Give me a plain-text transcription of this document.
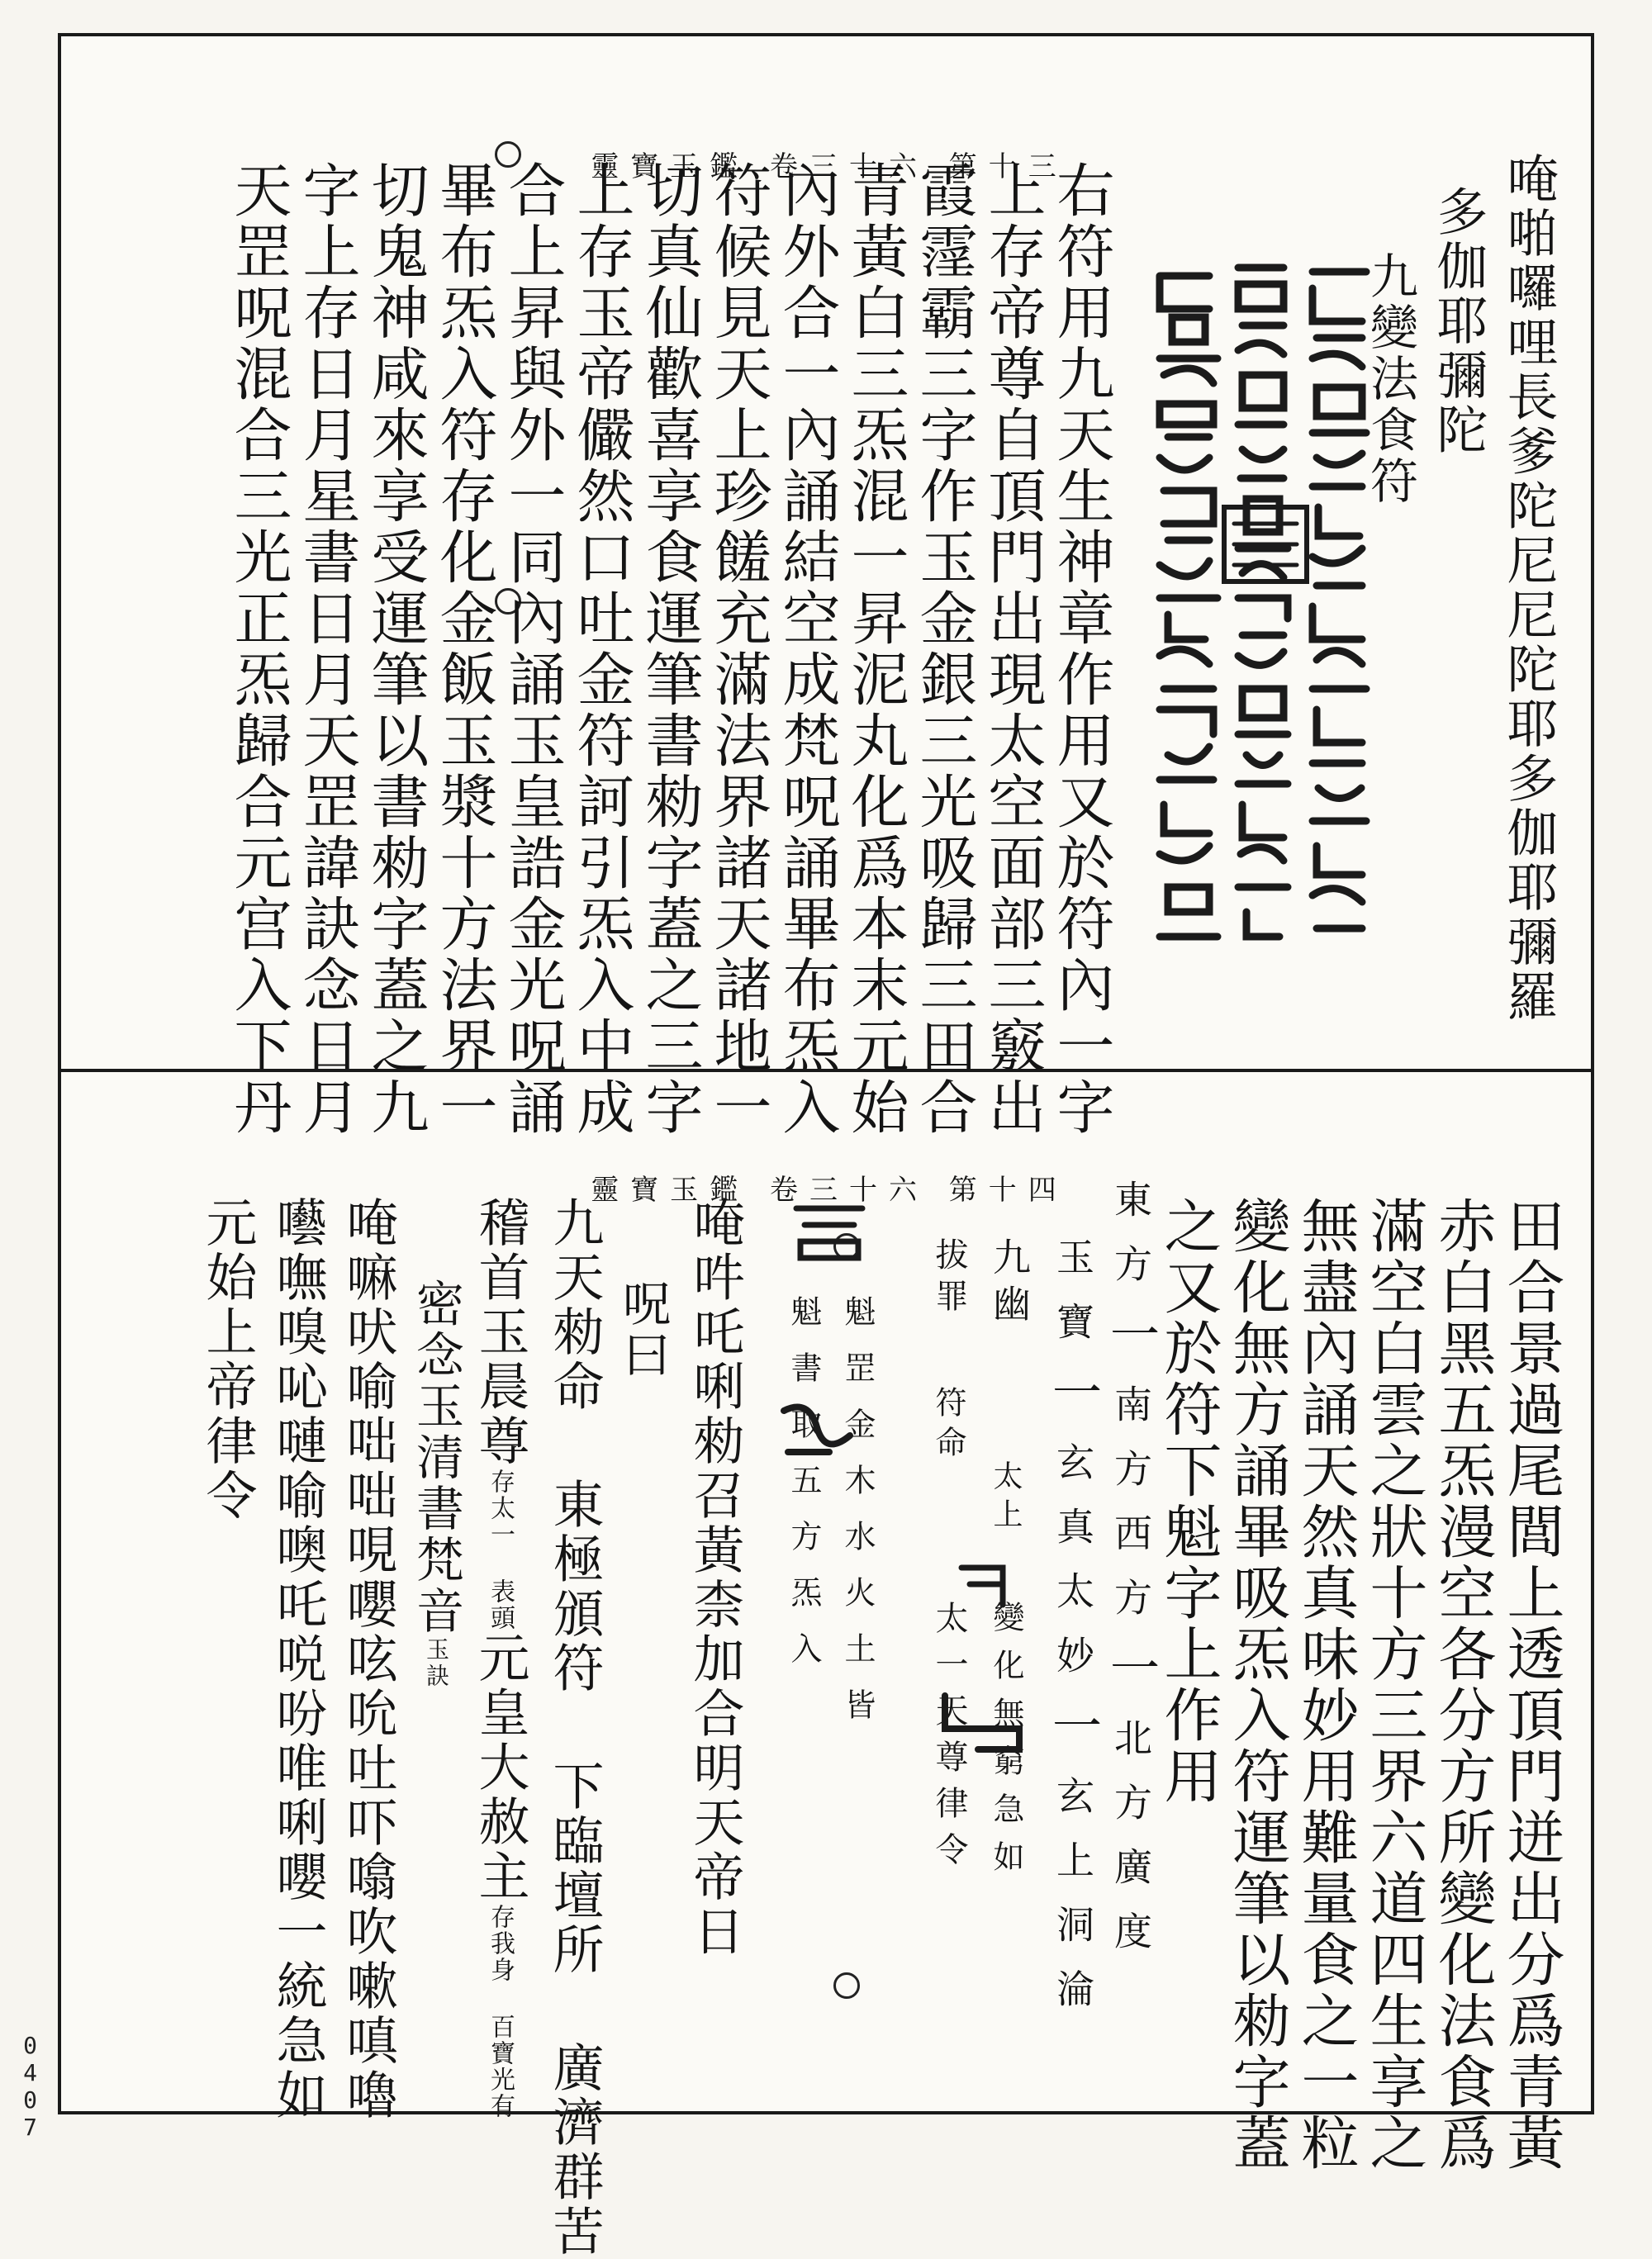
靈寶玉鑑 卷三十六 第十三	唵啪囉哩長爹陀尼尼陀耶多伽耶彌羅
多伽耶彌陀
九變法食符
右符用九天生神章作用又於符內一字
上存帝尊自頂門出現太空面部三竅出
霞霪霸三字作玉金銀三光吸歸三田合
青黃白三炁混一昇泥丸化爲本末元始
內外合一內誦結空成梵呪誦畢布炁入
符候見天上珍饈充滿法界諸天諸地一
切真仙歡喜享食運筆書勑字蓋之三字
上存玉帝儼然口吐金符訶引炁入中成
合上昇與外一同內誦玉皇誥金光呪誦
畢布炁入符存化金飯玉漿十方法界一
切鬼神咸來享受運筆以書勑字蓋之九
字上存日月星書日月天罡諱訣念日月
天罡呪混合三光正炁歸合元宫入下丹
靈寶玉鑑 卷三十六 第十四
田合景過尾閭上透頂門迸出分爲青黃
赤白黑五炁漫空各分方所變化法食爲
滿空白雲之狀十方三界六道四生享之
無盡內誦天然真味妙用難量食之一粒
變化無方誦畢吸炁入符運筆以勑字蓋
之又於符下魁字上作用
東方一南方西方一北方廣度
玉寶一玄真太妙一玄上洞淪
九幽
太上
變化無窮急如
拔罪
符命
太一天尊律令
魁罡金木水火土皆
魁書取五方炁入
唵吽吒唎勑召黃柰加合明天帝日
呪曰
九天勑命 東極頒符 下臨壇所 廣濟群苦
稽首玉晨尊存太一 表頭元皇大赦主存我身 百寶光有
密念玉清書梵音玉訣
唵嘛吠喻咄咄哯嚶呟吮吐吓噏吹嗽嗔嚕
囈嘸嗅吣嗹喻噢吒哾吩唯唎嚶一統急如
元始上帝律令
0407
